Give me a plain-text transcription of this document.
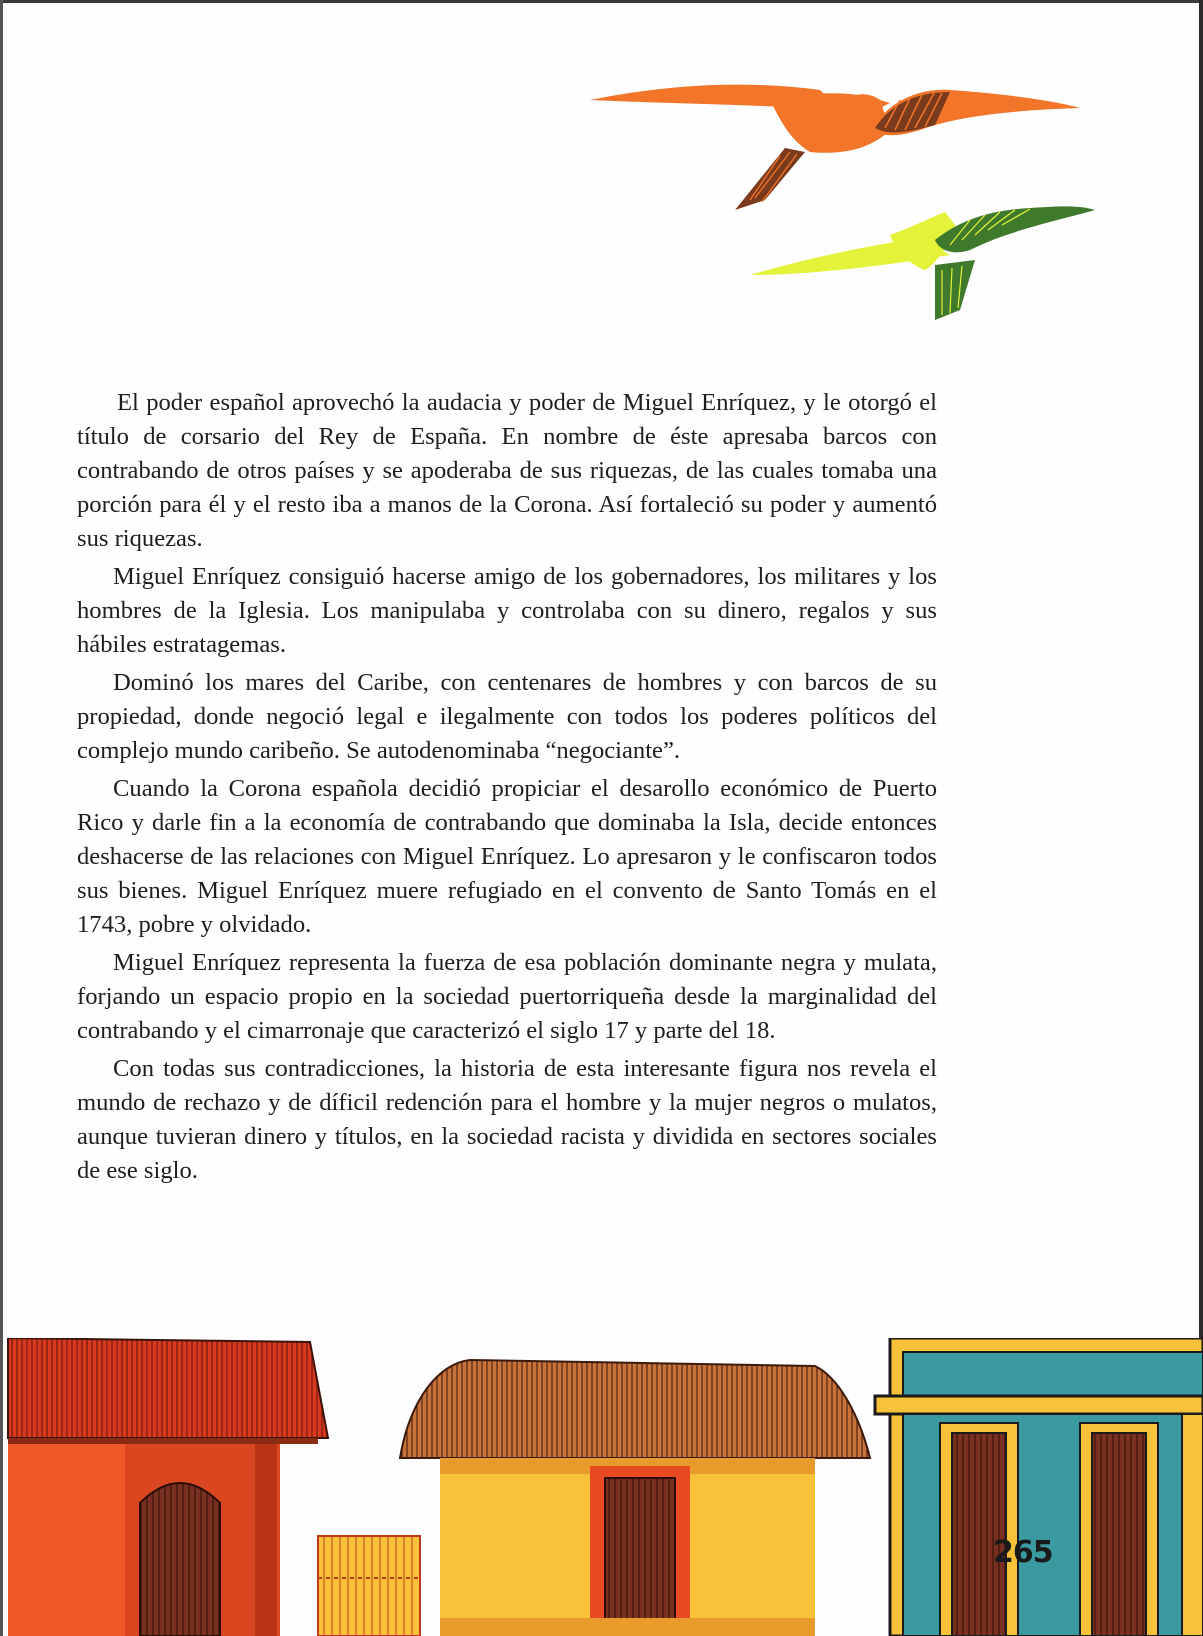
El poder español aprovechó la audacia y poder de Miguel Enríquez, y le otorgó el título de corsario del Rey de España. En nombre de éste apresaba barcos con contrabando de otros países y se apoderaba de sus riquezas, de las cuales tomaba una porción para él y el resto iba a manos de la Corona. Así fortaleció su poder y aumentó sus riquezas.

Miguel Enríquez consiguió hacerse amigo de los gobernadores, los militares y los hombres de la Iglesia. Los manipulaba y controlaba con su dinero, regalos y sus hábiles estratagemas.

Dominó los mares del Caribe, con centenares de hombres y con barcos de su propiedad, donde negoció legal e ilegalmente con todos los poderes políticos del complejo mundo caribeño. Se autodenominaba “negociante”.

Cuando la Corona española decidió propiciar el desarollo económico de Puerto Rico y darle fin a la economía de contrabando que dominaba la Isla, decide entonces deshacerse de las relaciones con Miguel Enríquez. Lo apresaron y le confiscaron todos sus bienes. Miguel Enríquez muere refugiado en el convento de Santo Tomás en el 1743, pobre y olvidado.

Miguel Enríquez representa la fuerza de esa población dominante negra y mulata, forjando un espacio propio en la sociedad puertorriqueña desde la marginalidad del contrabando y el cimarronaje que caracterizó el siglo 17 y parte del 18.

Con todas sus contradicciones, la historia de esta interesante figura nos revela el mundo de rechazo y de díficil redención para el hombre y la mujer negros o mulatos, aunque tuvieran dinero y títulos, en la sociedad racista y dividida en sectores sociales de ese siglo.

265
